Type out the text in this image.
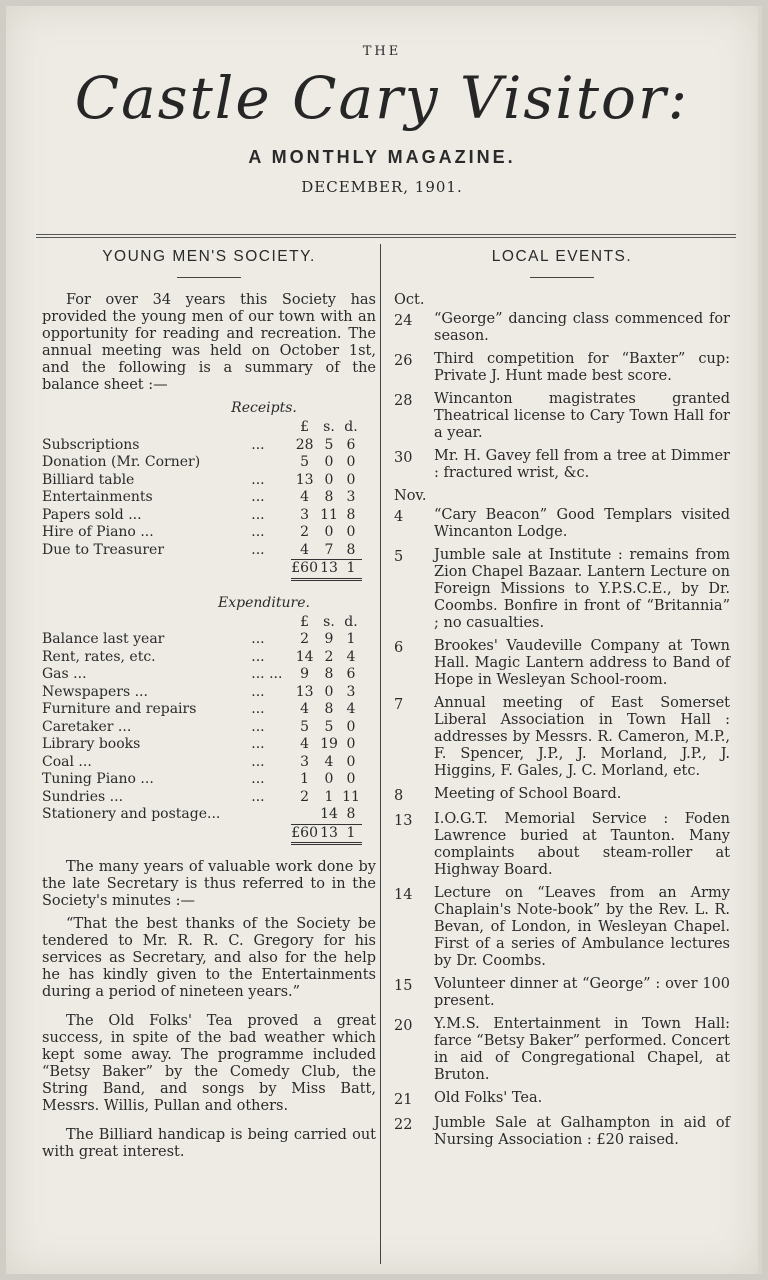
THE
Castle Cary Visitor:
A MONTHLY MAGAZINE.
DECEMBER, 1901.
YOUNG MEN'S SOCIETY.

For over 34 years this Society has provided the young men of our town with an opportunity for reading and recreation. The annual meeting was held on October 1st, and the following is a summary of the balance sheet :—

Receipts.
		£	s.	d.
Subscriptions	...	28	5	6
Donation (Mr. Corner)		5	0	0
Billiard table	...	13	0	0
Entertainments	...	4	8	3
Papers sold ...	...	3	11	8
Hire of Piano ...	...	2	0	0
Due to Treasurer	...	4	7	8
		£60	13	1
Expenditure.
		£	s.	d.
Balance last year	...	2	9	1
Rent, rates, etc.	...	14	2	4
Gas ...	... ...	9	8	6
Newspapers ...	...	13	0	3
Furniture and repairs	...	4	8	4
Caretaker ...	...	5	5	0
Library books	...	4	19	0
Coal ...	...	3	4	0
Tuning Piano ...	...	1	0	0
Sundries ...	...	2	1	11
Stationery and postage...			14	8
		£60	13	1

The many years of valuable work done by the late Secretary is thus referred to in the Society's minutes :—

“That the best thanks of the Society be tendered to Mr. R. R. C. Gregory for his services as Secretary, and also for the help he has kindly given to the Entertainments during a period of nineteen years.”

The Old Folks' Tea proved a great success, in spite of the bad weather which kept some away. The programme included “Betsy Baker” by the Comedy Club, the String Band, and songs by Miss Batt, Messrs. Willis, Pullan and others.

The Billiard handicap is being carried out with great interest.

LOCAL EVENTS.
Oct.
24	“George” dancing class commenced for season.
26	Third competition for “Baxter” cup: Private J. Hunt made best score.
28	Wincanton magistrates granted Theatrical license to Cary Town Hall for a year.
30	Mr. H. Gavey fell from a tree at Dimmer : fractured wrist, &c.
Nov.
4	“Cary Beacon” Good Templars visited Wincanton Lodge.
5	Jumble sale at Institute : remains from Zion Chapel Bazaar. Lantern Lecture on Foreign Missions to Y.P.S.C.E., by Dr. Coombs. Bonfire in front of “Britannia” ; no casualties.
6	Brookes' Vaudeville Company at Town Hall. Magic Lantern address to Band of Hope in Wesleyan School-room.
7	Annual meeting of East Somerset Liberal Association in Town Hall : addresses by Messrs. R. Cameron, M.P., F. Spencer, J.P., J. Morland, J.P., J. Higgins, F. Gales, J. C. Morland, etc.
8	Meeting of School Board.
13	I.O.G.T. Memorial Service : Foden Lawrence buried at Taunton. Many complaints about steam-roller at Highway Board.
14	Lecture on “Leaves from an Army Chaplain's Note-book” by the Rev. L. R. Bevan, of London, in Wesleyan Chapel. First of a series of Ambulance lectures by Dr. Coombs.
15	Volunteer dinner at “George” : over 100 present.
20	Y.M.S. Entertainment in Town Hall: farce “Betsy Baker” performed. Concert in aid of Congregational Chapel, at Bruton.
21	Old Folks' Tea.
22	Jumble Sale at Galhampton in aid of Nursing Association : £20 raised.
